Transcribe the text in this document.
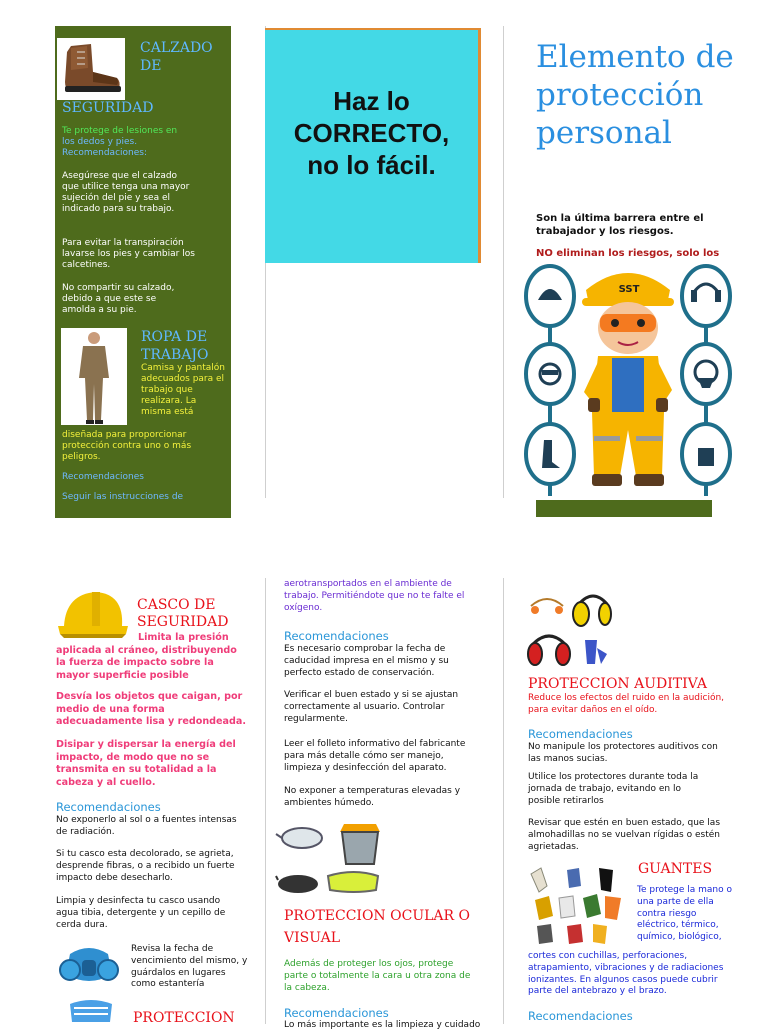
CALZADO DE
SEGURIDAD
Te protege de lesiones en
los dedos y pies.
Recomendaciones:
Asegúrese que el calzado que utilice tenga una mayor sujeción del pie y sea el indicado para su trabajo.
Para evitar la transpiración lavarse los pies y cambiar los calcetines.
No compartir su calzado, debido a que este se amolda a su pie.
ROPA DE TRABAJO
Camisa y pantalón adecuados para el trabajo que realizara. La misma está
diseñada para proporcionar protección contra uno o más peligros.
Recomendaciones
Seguir las instrucciones de
Haz lo
CORRECTO,
no lo fácil.
Elemento de protección personal
Son la última barrera entre el trabajador y los riesgos.
NO eliminan los riesgos, solo los
SST
CASCO DE SEGURIDAD
Limita la presión aplicada al cráneo, distribuyendo la fuerza de impacto sobre la mayor superficie posible
Desvía los objetos que caigan, por medio de una forma adecuadamente lisa y redondeada.
Disipar y dispersar la energía del impacto, de modo que no se transmita en su totalidad a la cabeza y al cuello.
Recomendaciones
No exponerlo al sol o a fuentes intensas de radiación.
Si tu casco esta decolorado, se agrieta, desprende fibras, o a recibido un fuerte impacto debe desecharlo.
Limpia y desinfecta tu casco usando agua tibia, detergente y un cepillo de cerda dura.
Revisa la fecha de vencimiento del mismo, y guárdalos en lugares como estantería
PROTECCION
aerotransportados en el ambiente de trabajo. Permitiéndote que no te falte el oxígeno.
Recomendaciones
Es necesario comprobar la fecha de caducidad impresa en el mismo y su perfecto estado de conservación.
Verificar el buen estado y si se ajustan correctamente al usuario. Controlar regularmente.
Leer el folleto informativo del fabricante para más detalle cómo ser manejo, limpieza y desinfección del aparato.
No exponer a temperaturas elevadas y ambientes húmedo.
PROTECCION OCULAR O VISUAL
Además de proteger los ojos, protege parte o totalmente la cara u otra zona de la cabeza.
Recomendaciones
Lo más importante es la limpieza y cuidado
PROTECCION AUDITIVA
Reduce los efectos del ruido en la audición, para evitar daños en el oído.
Recomendaciones
No manipule los protectores auditivos con las manos sucias.
Utilice los protectores durante toda la jornada de trabajo, evitando en lo posible retirarlos
Revisar que estén en buen estado, que las almohadillas no se vuelvan rígidas o estén agrietadas.
GUANTES
Te protege la mano o una parte de ella contra riesgo eléctrico, térmico, químico, biológico,
cortes con cuchillas, perforaciones, atrapamiento, vibraciones y de radiaciones ionizantes. En algunos casos puede cubrir parte del antebrazo y el brazo.
Recomendaciones
